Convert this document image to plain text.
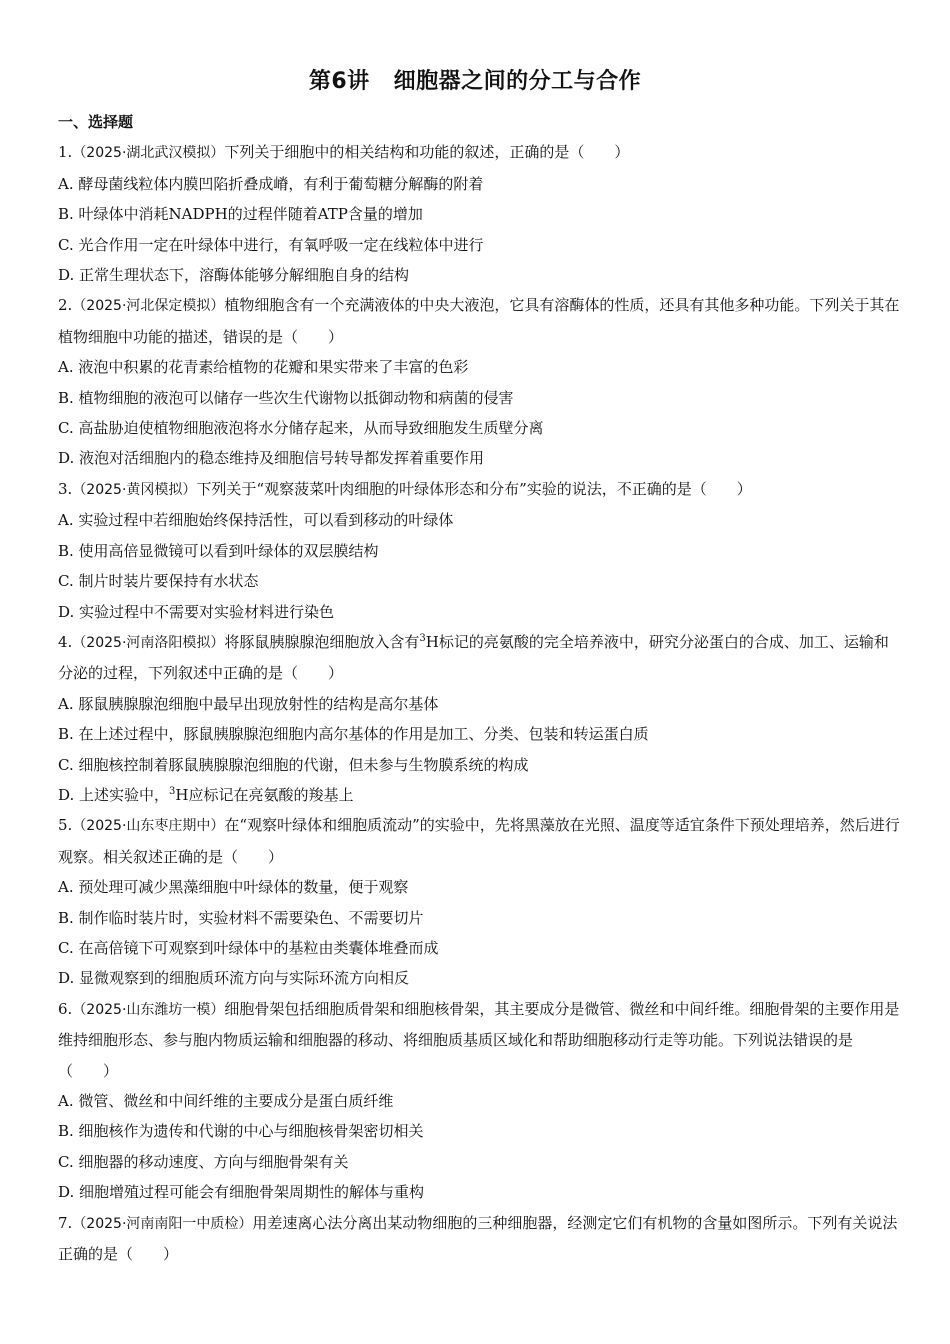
第6讲 细胞器之间的分工与合作
一、选择题
1.（2025·湖北武汉模拟）下列关于细胞中的相关结构和功能的叙述，正确的是（　　）
A. 酵母菌线粒体内膜凹陷折叠成嵴，有利于葡萄糖分解酶的附着
B. 叶绿体中消耗NADPH的过程伴随着ATP含量的增加
C. 光合作用一定在叶绿体中进行，有氧呼吸一定在线粒体中进行
D. 正常生理状态下，溶酶体能够分解细胞自身的结构
2.（2025·河北保定模拟）植物细胞含有一个充满液体的中央大液泡，它具有溶酶体的性质，还具有其他多种功能。下列关于其在植物细胞中功能的描述，错误的是（　　）
A. 液泡中积累的花青素给植物的花瓣和果实带来了丰富的色彩
B. 植物细胞的液泡可以储存一些次生代谢物以抵御动物和病菌的侵害
C. 高盐胁迫使植物细胞液泡将水分储存起来，从而导致细胞发生质壁分离
D. 液泡对活细胞内的稳态维持及细胞信号转导都发挥着重要作用
3.（2025·黄冈模拟）下列关于“观察菠菜叶肉细胞的叶绿体形态和分布”实验的说法，不正确的是（　　）
A. 实验过程中若细胞始终保持活性，可以看到移动的叶绿体
B. 使用高倍显微镜可以看到叶绿体的双层膜结构
C. 制片时装片要保持有水状态
D. 实验过程中不需要对实验材料进行染色
4.（2025·河南洛阳模拟）将豚鼠胰腺腺泡细胞放入含有$^3$H标记的亮氨酸的完全培养液中，研究分泌蛋白的合成、加工、运输和分泌的过程，下列叙述中正确的是（　　）
A. 豚鼠胰腺腺泡细胞中最早出现放射性的结构是高尔基体
B. 在上述过程中，豚鼠胰腺腺泡细胞内高尔基体的作用是加工、分类、包装和转运蛋白质
C. 细胞核控制着豚鼠胰腺腺泡细胞的代谢，但未参与生物膜系统的构成
D. 上述实验中，$^3$H应标记在亮氨酸的羧基上
5.（2025·山东枣庄期中）在“观察叶绿体和细胞质流动”的实验中，先将黑藻放在光照、温度等适宜条件下预处理培养，然后进行观察。相关叙述正确的是（　　）
A. 预处理可减少黑藻细胞中叶绿体的数量，便于观察
B. 制作临时装片时，实验材料不需要染色、不需要切片
C. 在高倍镜下可观察到叶绿体中的基粒由类囊体堆叠而成
D. 显微观察到的细胞质环流方向与实际环流方向相反
6.（2025·山东潍坊一模）细胞骨架包括细胞质骨架和细胞核骨架，其主要成分是微管、微丝和中间纤维。细胞骨架的主要作用是维持细胞形态、参与胞内物质运输和细胞器的移动、将细胞质基质区域化和帮助细胞移动行走等功能。下列说法错误的是（　　）
A. 微管、微丝和中间纤维的主要成分是蛋白质纤维
B. 细胞核作为遗传和代谢的中心与细胞核骨架密切相关
C. 细胞器的移动速度、方向与细胞骨架有关
D. 细胞增殖过程可能会有细胞骨架周期性的解体与重构
7.（2025·河南南阳一中质检）用差速离心法分离出某动物细胞的三种细胞器，经测定它们有机物的含量如图所示。下列有关说法正确的是（　　）
